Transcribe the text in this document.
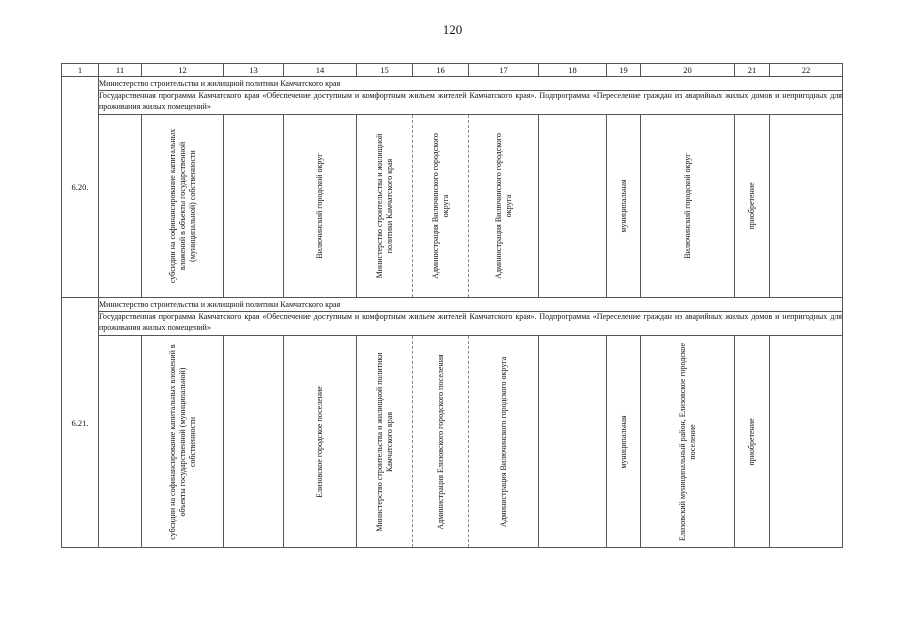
120
1	11	12	13	14	15	16	17	18	19	20	21	22
6.20.	Министерство строительства и жилищной политики Камчатского края											
	Государственная программа Камчатского края «Обеспечение доступным и комфортным жильем жителей Камчатского края». Подпрограмма «Переселение граждан из аварийных жилых домов и непригодных для проживания жилых помещений»											

		субсидии на софинансирование капитальных вложений в объекты государственной (муниципальной) собственности		Вилючинский городской округ	Министерство строительства и жилищной политики Камчатского края	Администрация Вилючинского городского округа	Администрация Вилючинского городского округа		муниципальная	Вилючинский городской округ	приобретение	

6.21.	Министерство строительства и жилищной политики Камчатского края											
	Государственная программа Камчатского края «Обеспечение доступным и комфортным жильем жителей Камчатского края». Подпрограмма «Переселение граждан из аварийных жилых домов и непригодных для проживания жилых помещений»											

		субсидии на софинансирование капитальных вложений в объекты государственной (муниципальной) собственности		Елизовское городское поселение	Министерство строительства и жилищной политики Камчатского края	Администрация Елизовского городского поселения	Администрация Вилючинского городского округа		муниципальная	Елизовский муниципальный район, Елизовское городское поселение	приобретение	
